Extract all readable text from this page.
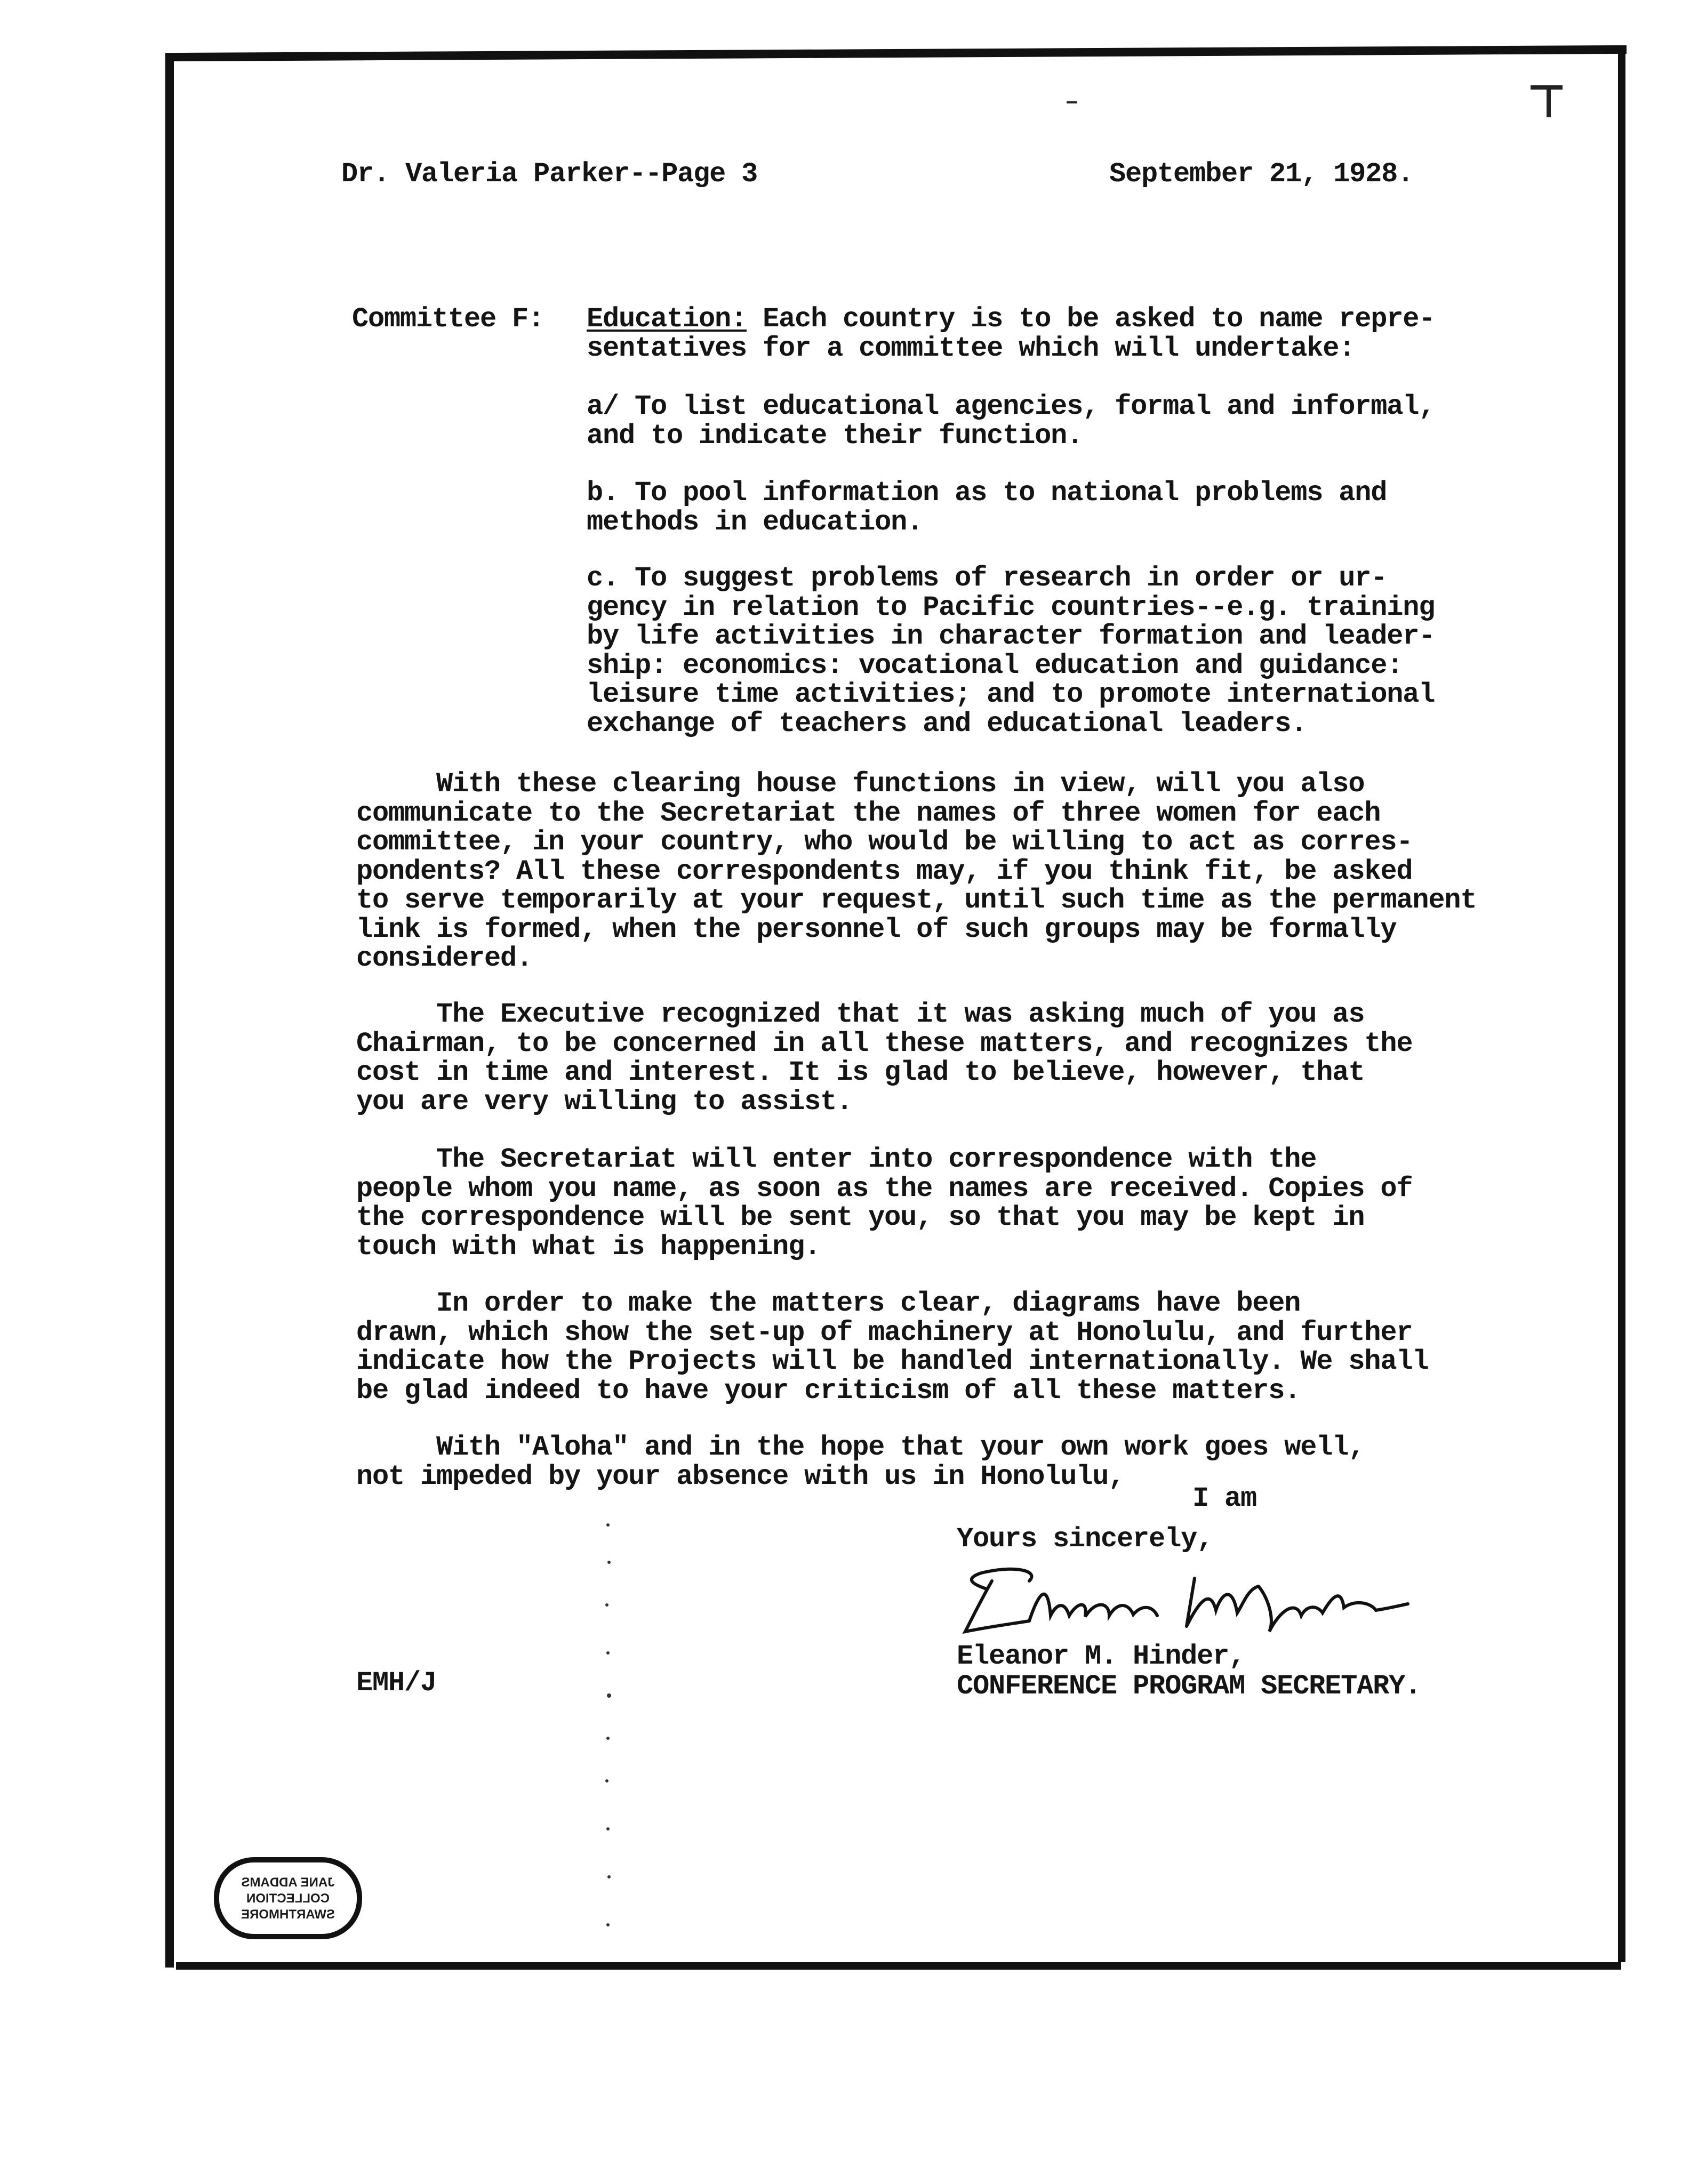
Dr. Valeria Parker--Page 3	September 21, 1928.
Committee F: Education: Each country is to be asked to name repre-
sentatives for a committee which will undertake:
a/ To list educational agencies, formal and informal,
and to indicate their function.
b. To pool information as to national problems and
methods in education.
c. To suggest problems of research in order or ur-
gency in relation to Pacific countries--e.g. training
by life activities in character formation and leader-
ship: economics: vocational education and guidance:
leisure time activities; and to promote international
exchange of teachers and educational leaders.
With these clearing house functions in view, will you also
communicate to the Secretariat the names of three women for each
committee, in your country, who would be willing to act as corres-
pondents? All these correspondents may, if you think fit, be asked
to serve temporarily at your request, until such time as the permanent
link is formed, when the personnel of such groups may be formally
considered.
The Executive recognized that it was asking much of you as
Chairman, to be concerned in all these matters, and recognizes the
cost in time and interest. It is glad to believe, however, that
you are very willing to assist.
The Secretariat will enter into correspondence with the
people whom you name, as soon as the names are received. Copies of
the correspondence will be sent you, so that you may be kept in
touch with what is happening.
In order to make the matters clear, diagrams have been
drawn, which show the set-up of machinery at Honolulu, and further
indicate how the Projects will be handled internationally. We shall
be glad indeed to have your criticism of all these matters.
With "Aloha" and in the hope that your own work goes well,
not impeded by your absence with us in Honolulu,
I am
Yours sincerely,
Eleanor M. Hinder,
CONFERENCE PROGRAM SECRETARY.
EMH/J
JANE ADDAMS
COLLECTION
SWARTHMORE
